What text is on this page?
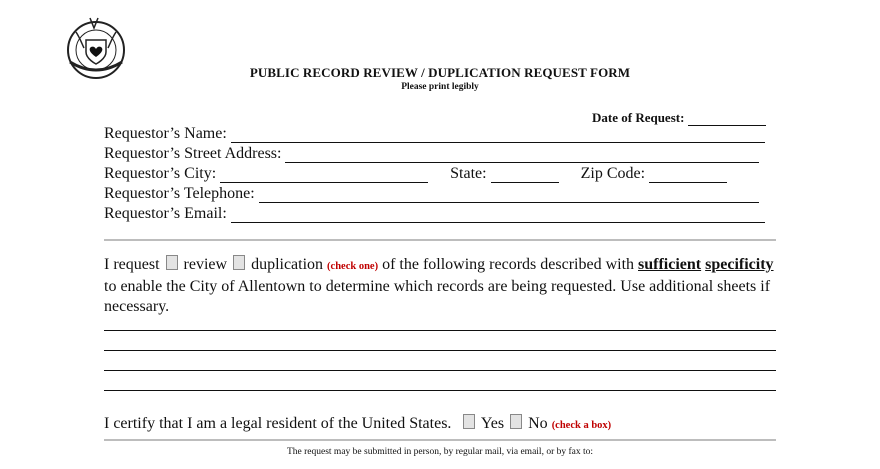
PUBLIC RECORD REVIEW / DUPLICATION REQUEST FORM
Please print legibly
Date of Request:
Requestor’s Name:
Requestor’s Street Address:
Requestor’s City:	State:	Zip Code:
Requestor’s Telephone:
Requestor’s Email:
I request review duplication (check one) of the following records described with sufficient specificity to enable the City of Allentown to determine which records are being requested. Use additional sheets if necessary.
I certify that I am a legal resident of the United States. Yes No (check a box)
The request may be submitted in person, by regular mail, via email, or by fax to:
